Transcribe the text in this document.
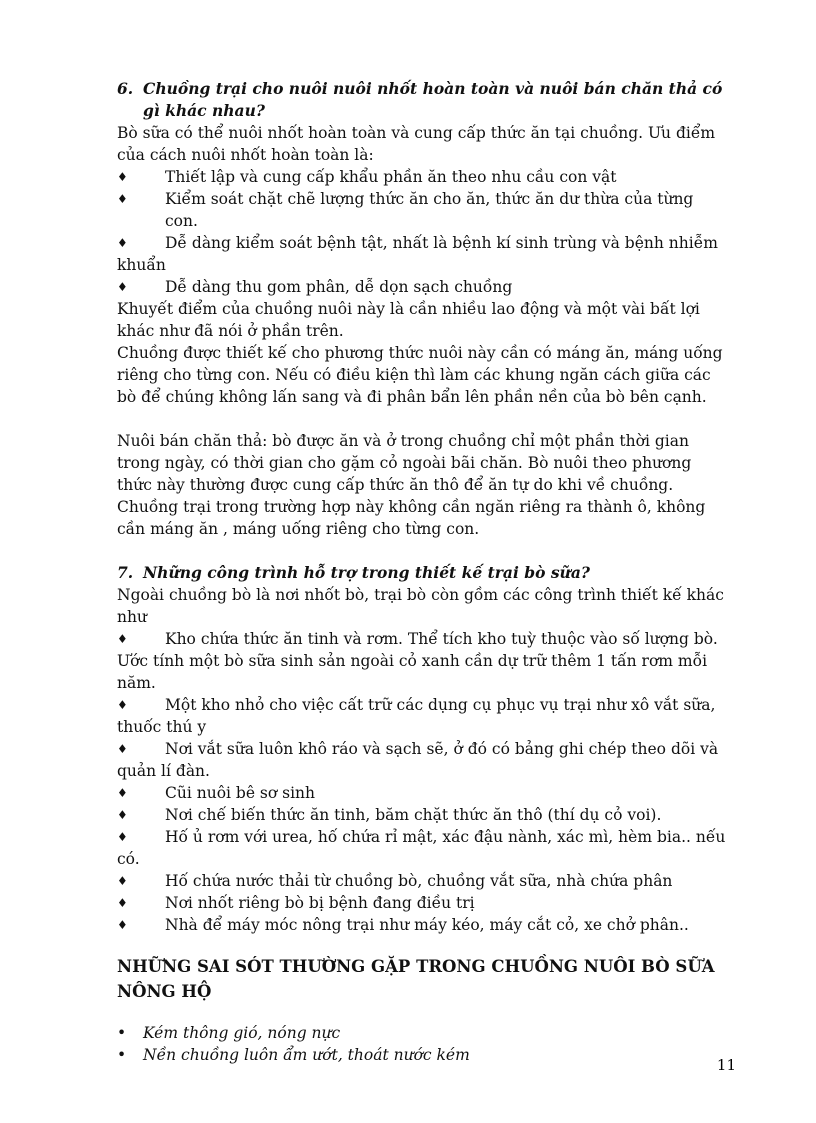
6. Chuồng trại cho nuôi nuôi nhốt hoàn toàn và nuôi bán chăn thả có
gì khác nhau?

Bò sữa có thể nuôi nhốt hoàn toàn và cung cấp thức ăn tại chuồng. Ưu điểm của cách nuôi nhốt hoàn toàn là:

♦	Thiết lập và cung cấp khẩu phần ăn theo nhu cầu con vật
♦	Kiểm soát chặt chẽ lượng thức ăn cho ăn, thức ăn dư thừa của từng con.
♦	Dễ dàng kiểm soát bệnh tật, nhất là bệnh kí sinh trùng và bệnh nhiễm khuẩn
♦	Dễ dàng thu gom phân, dễ dọn sạch chuồng

Khuyết điểm của chuồng nuôi này là cần nhiều lao động và một vài bất lợi khác như đã nói ở phần trên.

Chuồng được thiết kế cho phương thức nuôi này cần có máng ăn, máng uống riêng cho từng con. Nếu có điều kiện thì làm các khung ngăn cách giữa các bò để chúng không lấn sang và đi phân bẩn lên phần nền của bò bên cạnh.

Nuôi bán chăn thả: bò được ăn và ở trong chuồng chỉ một phần thời gian trong ngày, có thời gian cho gặm cỏ ngoài bãi chăn. Bò nuôi theo phương thức này thường được cung cấp thức ăn thô để ăn tự do khi về chuồng. Chuồng trại trong trường hợp này không cần ngăn riêng ra thành ô, không cần máng ăn , máng uống riêng cho từng con.

7. Những công trình hỗ trợ trong thiết kế trại bò sữa?

Ngoài chuồng bò là nơi nhốt bò, trại bò còn gồm các công trình thiết kế khác như

♦	Kho chứa thức ăn tinh và rơm. Thể tích kho tuỳ thuộc vào số lượng bò. Ước tính một bò sữa sinh sản ngoài cỏ xanh cần dự trữ thêm 1 tấn rơm mỗi năm.
♦	Một kho nhỏ cho việc cất trữ các dụng cụ phục vụ trại như xô vắt sữa, thuốc thú y
♦	Nơi vắt sữa luôn khô ráo và sạch sẽ, ở đó có bảng ghi chép theo dõi và quản lí đàn.
♦	Cũi nuôi bê sơ sinh
♦	Nơi chế biến thức ăn tinh, băm chặt thức ăn thô (thí dụ cỏ voi).
♦	Hố ủ rơm với urea, hố chứa rỉ mật, xác đậu nành, xác mì, hèm bia.. nếu có.
♦	Hố chứa nước thải từ chuồng bò, chuồng vắt sữa, nhà chứa phân
♦	Nơi nhốt riêng bò bị bệnh đang điều trị
♦	Nhà để máy móc nông trại như máy kéo, máy cắt cỏ, xe chở phân..
NHỮNG SAI SÓT THƯỜNG GẶP TRONG CHUỒNG NUÔI BÒ SỮA NÔNG HỘ
• Kém thông gió, nóng nực
• Nền chuồng luôn ẩm ướt, thoát nước kém
11
